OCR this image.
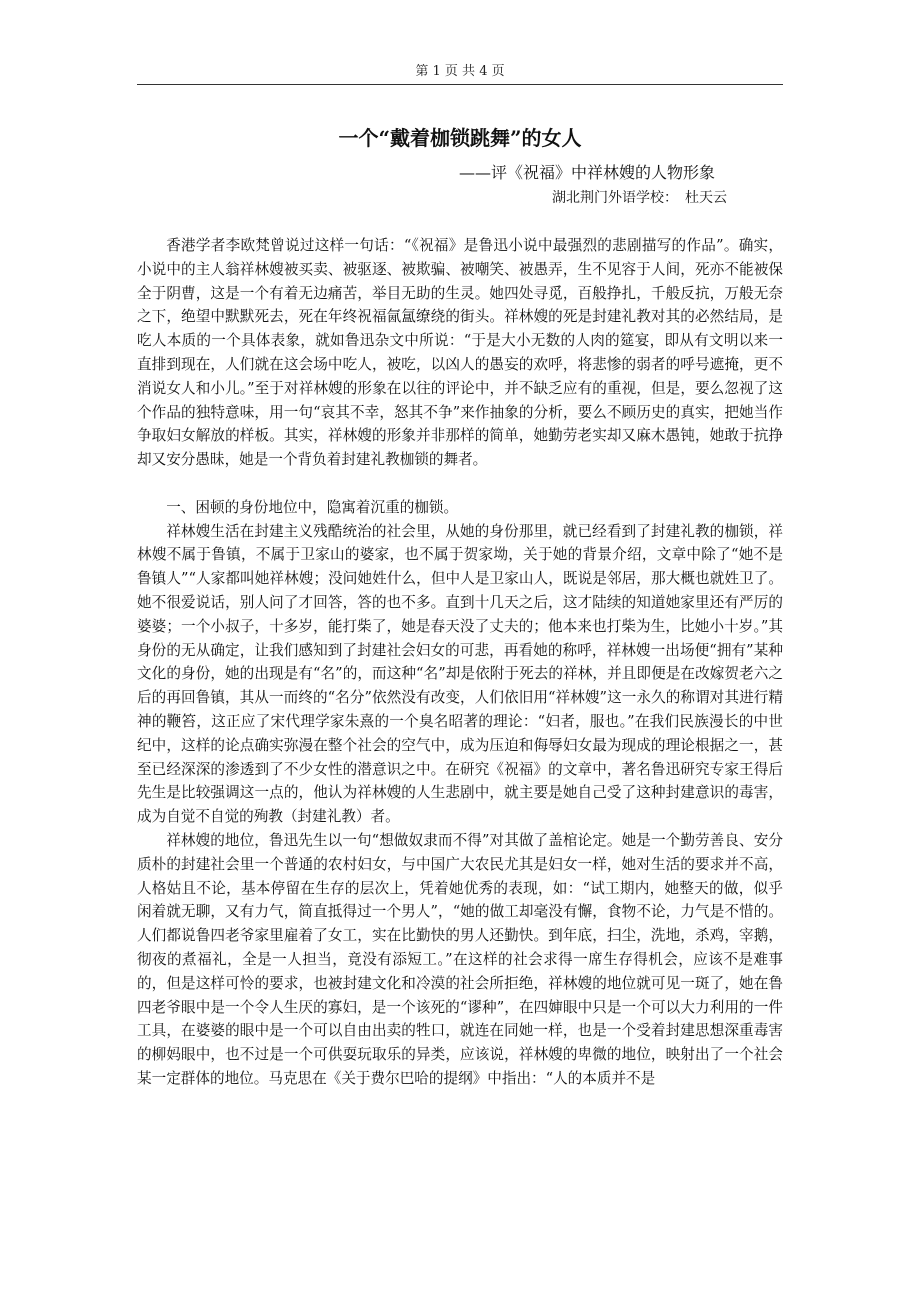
第 1 页 共 4 页
一个“戴着枷锁跳舞”的女人
——评《祝福》中祥林嫂的人物形象
湖北荆门外语学校：　杜天云

香港学者李欧梵曾说过这样一句话：“《祝福》是鲁迅小说中最强烈的悲剧描写的作品”。确实，小说中的主人翁祥林嫂被买卖、被驱逐、被欺骗、被嘲笑、被愚弄，生不见容于人间，死亦不能被保全于阴曹，这是一个有着无边痛苦，举目无助的生灵。她四处寻觅，百般挣扎，千般反抗，万般无奈之下，绝望中默默死去，死在年终祝福氤氲缭绕的街头。祥林嫂的死是封建礼教对其的必然结局，是吃人本质的一个具体表象，就如鲁迅杂文中所说：“于是大小无数的人肉的筵宴，即从有文明以来一直排到现在，人们就在这会场中吃人，被吃，以凶人的愚妄的欢呼，将悲惨的弱者的呼号遮掩，更不消说女人和小儿。”至于对祥林嫂的形象在以往的评论中，并不缺乏应有的重视，但是，要么忽视了这个作品的独特意味，用一句“哀其不幸，怒其不争”来作抽象的分析，要么不顾历史的真实，把她当作争取妇女解放的样板。其实，祥林嫂的形象并非那样的简单，她勤劳老实却又麻木愚钝，她敢于抗挣却又安分愚昧，她是一个背负着封建礼教枷锁的舞者。

一、困顿的身份地位中，隐寓着沉重的枷锁。

祥林嫂生活在封建主义残酷统治的社会里，从她的身份那里，就已经看到了封建礼教的枷锁，祥林嫂不属于鲁镇，不属于卫家山的婆家，也不属于贺家坳，关于她的背景介绍，文章中除了“她不是鲁镇人”“人家都叫她祥林嫂；没问她姓什么，但中人是卫家山人，既说是邻居，那大概也就姓卫了。她不很爱说话，别人问了才回答，答的也不多。直到十几天之后，这才陆续的知道她家里还有严厉的婆婆；一个小叔子，十多岁，能打柴了，她是春天没了丈夫的；他本来也打柴为生，比她小十岁。”其身份的无从确定，让我们感知到了封建社会妇女的可悲，再看她的称呼，祥林嫂一出场便“拥有”某种文化的身份，她的出现是有“名”的，而这种“名”却是依附于死去的祥林，并且即便是在改嫁贺老六之后的再回鲁镇，其从一而终的“名分”依然没有改变，人们依旧用“祥林嫂”这一永久的称谓对其进行精神的鞭笞，这正应了宋代理学家朱熹的一个臭名昭著的理论：“妇者，服也。”在我们民族漫长的中世纪中，这样的论点确实弥漫在整个社会的空气中，成为压迫和侮辱妇女最为现成的理论根据之一，甚至已经深深的渗透到了不少女性的潜意识之中。在研究《祝福》的文章中，著名鲁迅研究专家王得后先生是比较强调这一点的，他认为祥林嫂的人生悲剧中，就主要是她自己受了这种封建意识的毒害，成为自觉不自觉的殉教（封建礼教）者。

祥林嫂的地位，鲁迅先生以一句“想做奴隶而不得”对其做了盖棺论定。她是一个勤劳善良、安分质朴的封建社会里一个普通的农村妇女，与中国广大农民尤其是妇女一样，她对生活的要求并不高，人格姑且不论，基本停留在生存的层次上，凭着她优秀的表现，如：“试工期内，她整天的做，似乎闲着就无聊，又有力气，简直抵得过一个男人”，“她的做工却毫没有懈，食物不论，力气是不惜的。人们都说鲁四老爷家里雇着了女工，实在比勤快的男人还勤快。到年底，扫尘，洗地，杀鸡，宰鹅，彻夜的煮福礼，全是一人担当，竟没有添短工。”在这样的社会求得一席生存得机会，应该不是难事的，但是这样可怜的要求，也被封建文化和冷漠的社会所拒绝，祥林嫂的地位就可见一斑了，她在鲁四老爷眼中是一个令人生厌的寡妇，是一个该死的“谬种”，在四婶眼中只是一个可以大力利用的一件工具，在婆婆的眼中是一个可以自由出卖的牲口，就连在同她一样，也是一个受着封建思想深重毒害的柳妈眼中，也不过是一个可供耍玩取乐的异类，应该说，祥林嫂的卑微的地位，映射出了一个社会某一定群体的地位。马克思在《关于费尔巴哈的提纲》中指出：“人的本质并不是
